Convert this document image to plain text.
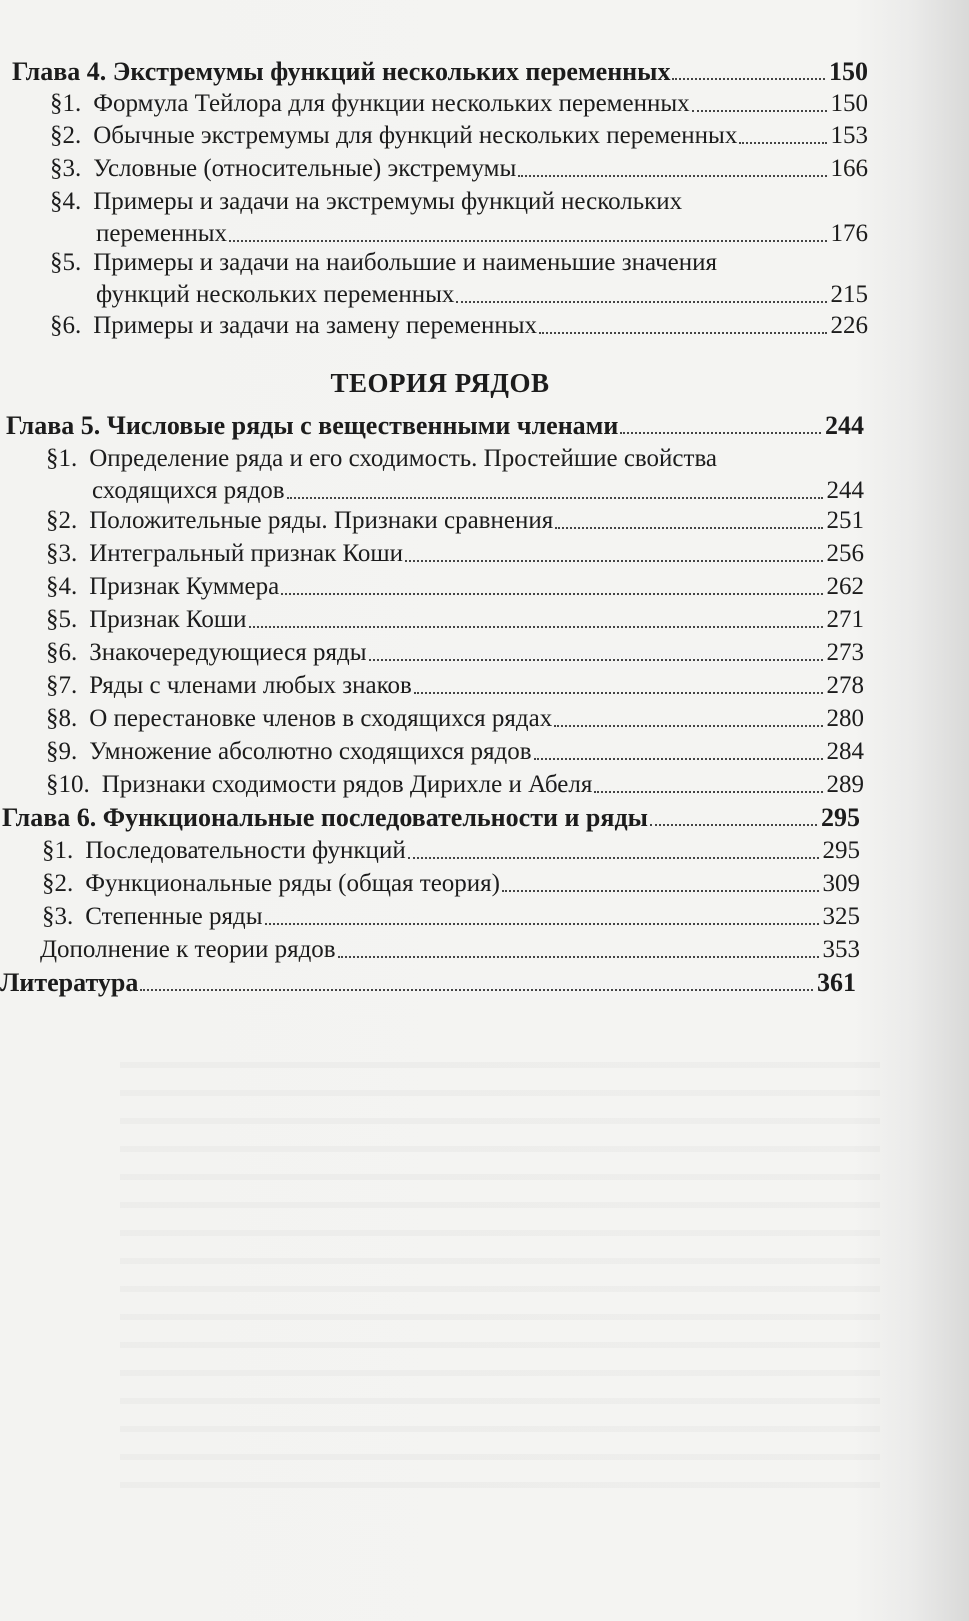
Глава 4. Экстремумы функций нескольких переменных	150
§1. Формула Тейлора для функции нескольких переменных	150
§2. Обычные экстремумы для функций нескольких переменных	153
§3. Условные (относительные) экстремумы	166
§4. Примеры и задачи на экстремумы функций нескольких
переменных	176
§5. Примеры и задачи на наибольшие и наименьшие значения
функций нескольких переменных	215
§6. Примеры и задачи на замену переменных	226
ТЕОРИЯ РЯДОВ
Глава 5. Числовые ряды с вещественными членами	244
§1. Определение ряда и его сходимость. Простейшие свойства
сходящихся рядов	244
§2. Положительные ряды. Признаки сравнения	251
§3. Интегральный признак Коши	256
§4. Признак Куммера	262
§5. Признак Коши	271
§6. Знакочередующиеся ряды	273
§7. Ряды с членами любых знаков	278
§8. О перестановке членов в сходящихся рядах	280
§9. Умножение абсолютно сходящихся рядов	284
§10. Признаки сходимости рядов Дирихле и Абеля	289
Глава 6. Функциональные последовательности и ряды	295
§1. Последовательности функций	295
§2. Функциональные ряды (общая теория)	309
§3. Степенные ряды	325
Дополнение к теории рядов	353
Литература	361
